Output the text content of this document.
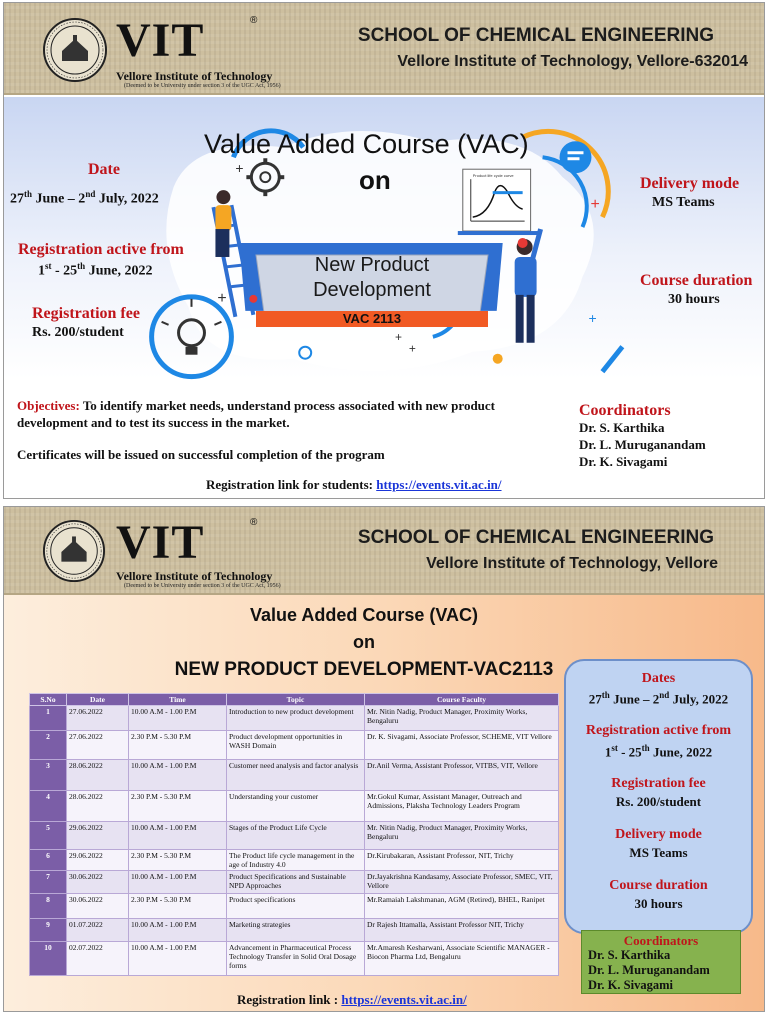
VIT	®
Vellore Institute of Technology
(Deemed to be University under section 3 of the UGC Act, 1956)
SCHOOL OF CHEMICAL ENGINEERING
Vellore Institute of Technology, Vellore-632014
Product life cycle curve
+
+
+
+
+
+
Value Added Course (VAC)
on
New Product
Development
VAC 2113
Date
27th June – 2nd July, 2022
Registration active from
1st - 25th June, 2022
Registration fee
Rs. 200/student
Delivery mode
MS Teams
Course duration
30 hours
Objectives: To identify market needs, understand process associated with new product development and to test its success in the market.
Certificates will be issued on successful completion of the program
Registration link for students: https://events.vit.ac.in/
Coordinators
Dr. S. Karthika
Dr. L. Muruganandam
Dr. K. Sivagami
VIT	®
Vellore Institute of Technology
(Deemed to be University under section 3 of the UGC Act, 1956)
SCHOOL OF CHEMICAL ENGINEERING
Vellore Institute of Technology, Vellore
Value Added Course (VAC)
on
NEW PRODUCT DEVELOPMENT-VAC2113
S.No	Date	Time	Topic	Course Faculty
1	27.06.2022	10.00 A.M - 1.00 P.M	Introduction to new product development	Mr. Nitin Nadig, Product Manager, Proximity Works, Bengaluru
2	27.06.2022	2.30 P.M - 5.30 P.M	Product development opportunities in WASH Domain	Dr. K. Sivagami, Associate Professor, SCHEME, VIT Vellore
3	28.06.2022	10.00 A.M - 1.00 P.M	Customer need analysis and factor analysis	Dr.Anil Verma, Assistant Professor, VITBS, VIT, Vellore
4	28.06.2022	2.30 P.M - 5.30 P.M	Understanding your customer	Mr.Gokul Kumar, Assistant Manager, Outreach and Admissions, Plaksha Technology Leaders Program
5	29.06.2022	10.00 A.M - 1.00 P.M	Stages of the Product Life Cycle	Mr. Nitin Nadig, Product Manager, Proximity Works, Bengaluru
6	29.06.2022	2.30 P.M - 5.30 P.M	The Product life cycle management in the age of Industry 4.0	Dr.Kirubakaran, Assistant Professor, NIT, Trichy
7	30.06.2022	10.00 A.M - 1.00 P.M	Product Specifications and Sustainable NPD Approaches	Dr.Jayakrishna Kandasamy, Associate Professor, SMEC, VIT, Vellore
8	30.06.2022	2.30 P.M - 5.30 P.M	Product specifications	Mr.Ramaiah Lakshmanan, AGM (Retired), BHEL, Ranipet
9	01.07.2022	10.00 A.M - 1.00 P.M	Marketing strategies	Dr Rajesh Ittamalla, Assistant Professor NIT, Trichy
10	02.07.2022	10.00 A.M - 1.00 P.M	Advancement in Pharmaceutical Process Technology Transfer in Solid Oral Dosage forms	Mr.Amaresh Kesharwani, Associate Scientific MANAGER -Biocon Pharma Ltd, Bengaluru
Dates
27th June – 2nd July, 2022
Registration active from
1st - 25th June, 2022
Registration fee
Rs. 200/student
Delivery mode
MS Teams
Course duration
30 hours
Coordinators
Dr. S. Karthika
Dr. L. Muruganandam
Dr. K. Sivagami
Registration link : https://events.vit.ac.in/
